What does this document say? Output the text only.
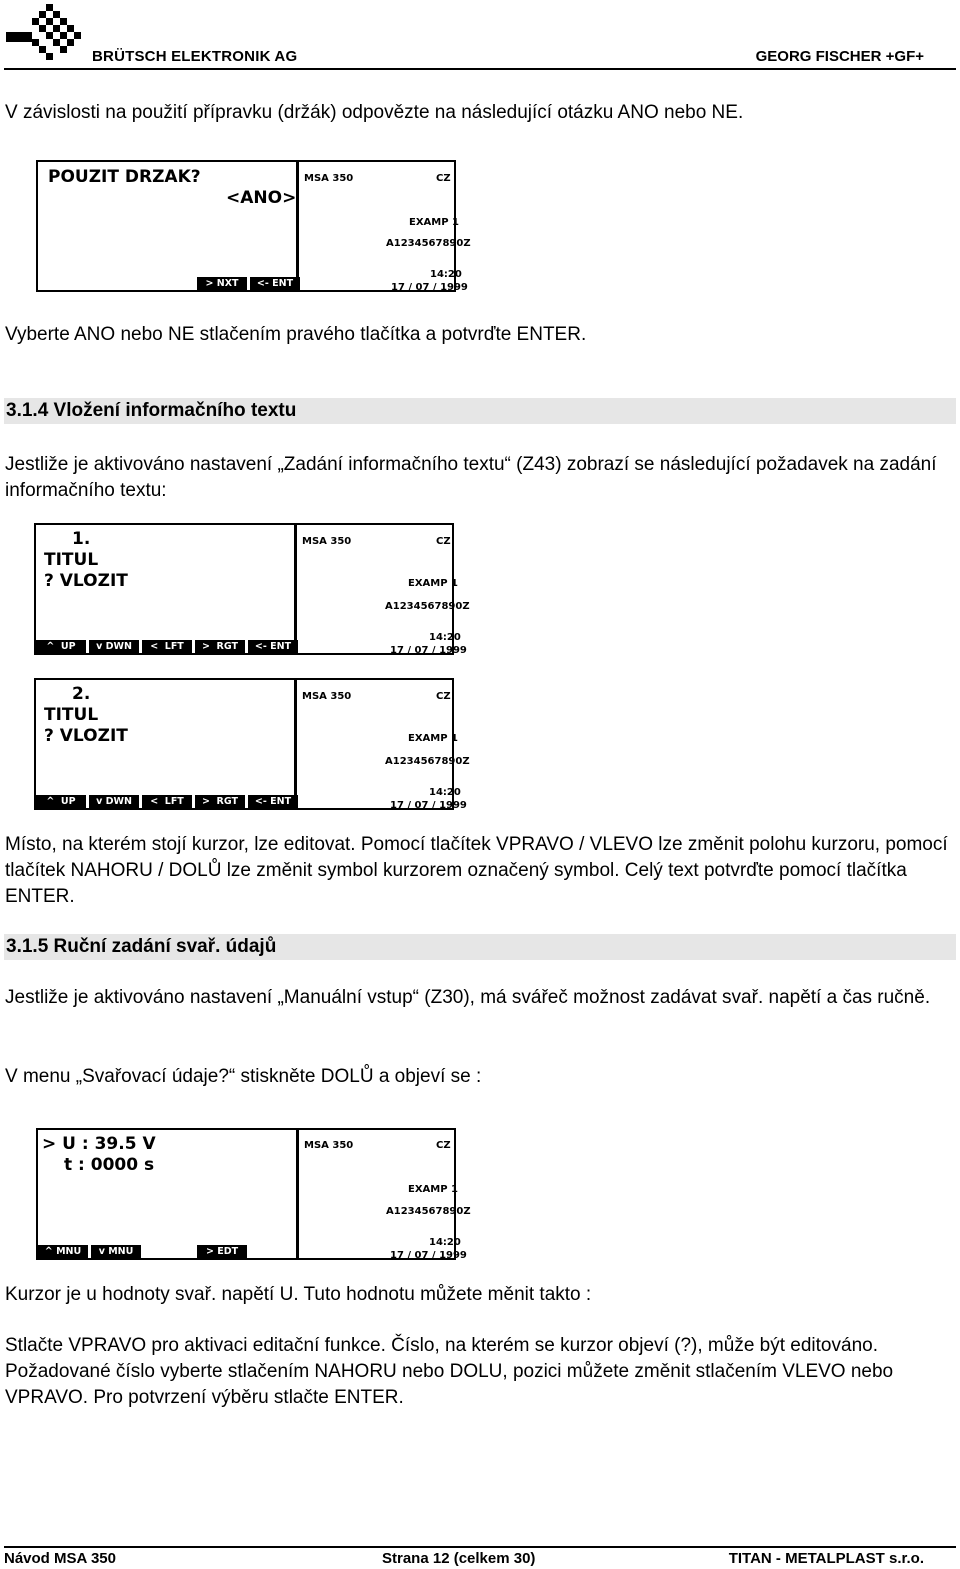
BRÜTSCH ELEKTRONIK AG	GEORG FISCHER +GF+
V závislosti na použití přípravku (držák) odpovězte na následující otázku ANO nebo NE.
POUZIT DRZAK?
<ANO>
MSA 350	CZ
EXAMP 1
A1234567890Z
14:20
17 / 07 / 1999
> NXT	<- ENT
Vyberte ANO nebo NE stlačením pravého tlačítka a potvrďte ENTER.
3.1.4 Vložení informačního textu
Jestliže je aktivováno nastavení „Zadání informačního textu“ (Z43) zobrazí se následující požadavek na zadání informačního textu:
1.
TITUL
? VLOZIT
MSA 350	CZ
EXAMP 1
A1234567890Z
14:20
17 / 07 / 1999
^  UP	v DWN	<  LFT	>  RGT	<- ENT
2.
TITUL
? VLOZIT
MSA 350	CZ
EXAMP 1
A1234567890Z
14:20
17 / 07 / 1999
^  UP	v DWN	<  LFT	>  RGT	<- ENT
Místo, na kterém stojí kurzor, lze editovat. Pomocí tlačítek VPRAVO / VLEVO lze změnit polohu kurzoru, pomocí tlačítek NAHORU / DOLŮ lze změnit symbol kurzorem označený symbol. Celý text potvrďte pomocí tlačítka ENTER.
3.1.5 Ruční zadání svař. údajů
Jestliže je aktivováno nastavení „Manuální vstup“ (Z30), má svářeč možnost zadávat svař. napětí a čas ručně.
V menu „Svařovací údaje?“ stiskněte DOLŮ a objeví se :
> U : 39.5 V
t : 0000 s
MSA 350	CZ
EXAMP 1
A1234567890Z
14:20
17 / 07 / 1999
^ MNU	v MNU	> EDT
Kurzor je u hodnoty svař. napětí U. Tuto hodnotu můžete měnit takto :
Stlačte VPRAVO pro aktivaci editační funkce. Číslo, na kterém se kurzor objeví (?), může být editováno. Požadované číslo vyberte stlačením NAHORU nebo DOLU, pozici můžete změnit stlačením VLEVO nebo VPRAVO. Pro potvrzení výběru stlačte ENTER.
Návod MSA 350	Strana 12 (celkem 30)	TITAN - METALPLAST s.r.o.
